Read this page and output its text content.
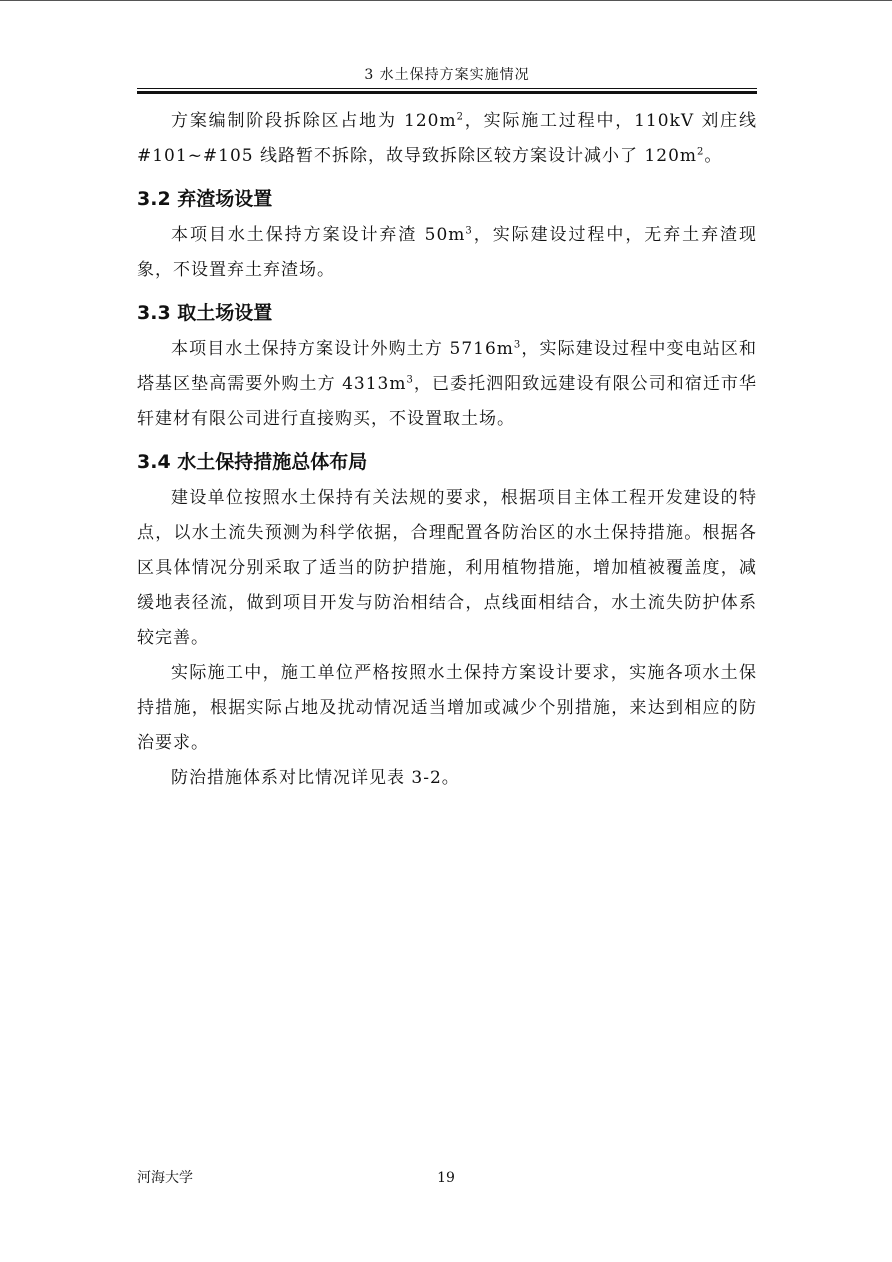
3 水土保持方案实施情况

方案编制阶段拆除区占地为 $120m^2$，实际施工过程中，110kV 刘庄线#101~#105 线路暂不拆除，故导致拆除区较方案设计减小了 $120m^2$。

3.2 弃渣场设置

本项目水土保持方案设计弃渣 $50m^3$，实际建设过程中，无弃土弃渣现象，不设置弃土弃渣场。

3.3 取土场设置

本项目水土保持方案设计外购土方 $5716m^3$，实际建设过程中变电站区和塔基区垫高需要外购土方 $4313m^3$，已委托泗阳致远建设有限公司和宿迁市华轩建材有限公司进行直接购买，不设置取土场。

3.4 水土保持措施总体布局

建设单位按照水土保持有关法规的要求，根据项目主体工程开发建设的特点，以水土流失预测为科学依据，合理配置各防治区的水土保持措施。根据各区具体情况分别采取了适当的防护措施，利用植物措施，增加植被覆盖度，减缓地表径流，做到项目开发与防治相结合，点线面相结合，水土流失防护体系较完善。

实际施工中，施工单位严格按照水土保持方案设计要求，实施各项水土保持措施，根据实际占地及扰动情况适当增加或减少个别措施，来达到相应的防治要求。

防治措施体系对比情况详见表 3-2。

河海大学	19
